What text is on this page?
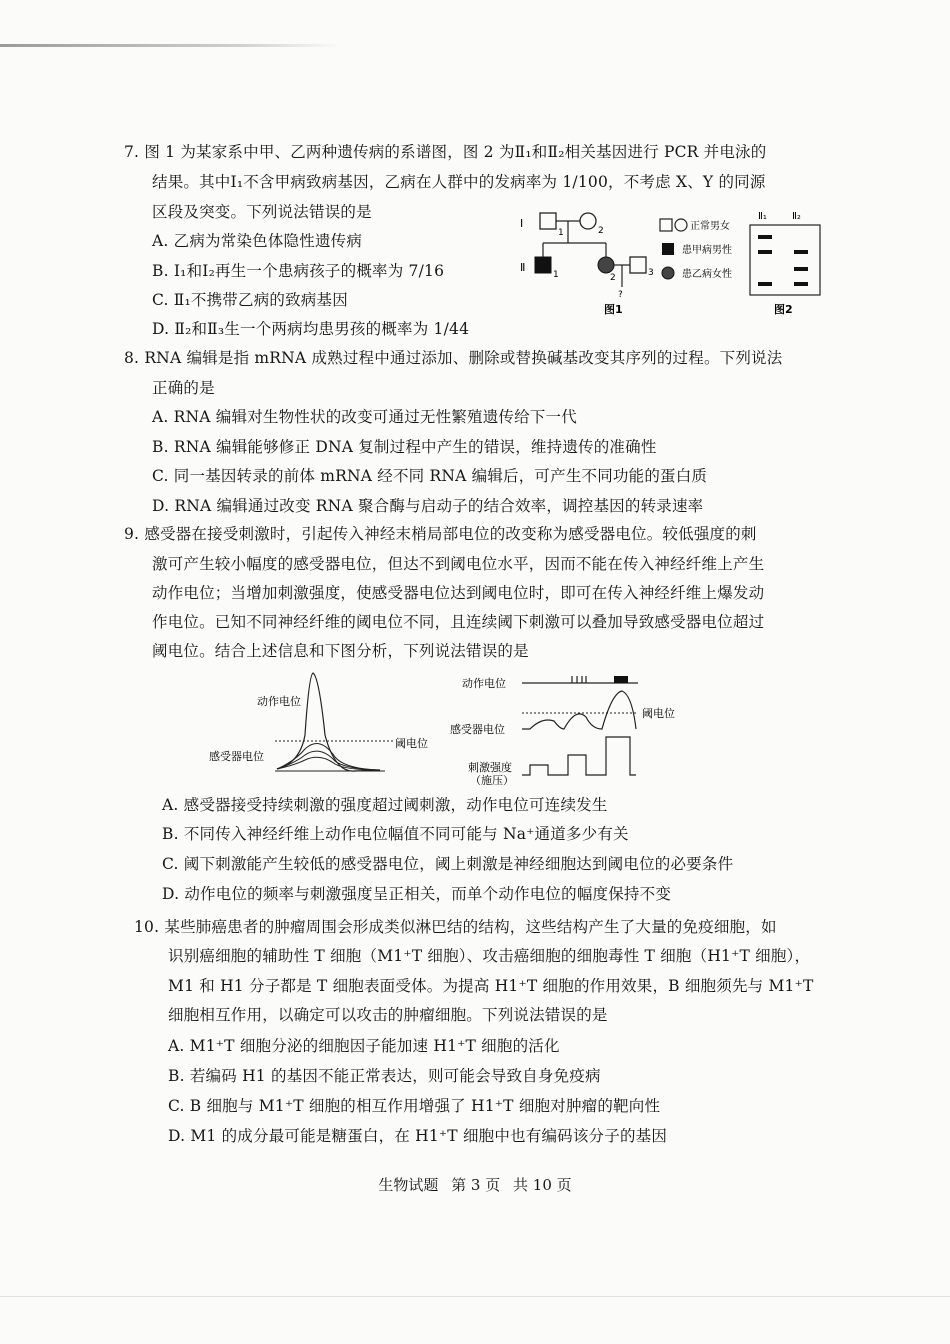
7. 图 1 为某家系中甲、乙两种遗传病的系谱图，图 2 为Ⅱ₁和Ⅱ₂相关基因进行 PCR 并电泳的
结果。其中Ⅰ₁不含甲病致病基因，乙病在人群中的发病率为 1/100，不考虑 X、Y 的同源
区段及突变。下列说法错误的是
A. 乙病为常染色体隐性遗传病
B. Ⅰ₁和Ⅰ₂再生一个患病孩子的概率为 7/16
C. Ⅱ₁不携带乙病的致病基因
D. Ⅱ₂和Ⅱ₃生一个两病均患男孩的概率为 1/44
I
1	2
Ⅱ
1	2	3
?
图1
正常男女
患甲病男性
患乙病女性
Ⅱ₁	Ⅱ₂
图2
8. RNA 编辑是指 mRNA 成熟过程中通过添加、删除或替换碱基改变其序列的过程。下列说法
正确的是
A. RNA 编辑对生物性状的改变可通过无性繁殖遗传给下一代
B. RNA 编辑能够修正 DNA 复制过程中产生的错误，维持遗传的准确性
C. 同一基因转录的前体 mRNA 经不同 RNA 编辑后，可产生不同功能的蛋白质
D. RNA 编辑通过改变 RNA 聚合酶与启动子的结合效率，调控基因的转录速率
9. 感受器在接受刺激时，引起传入神经末梢局部电位的改变称为感受器电位。较低强度的刺
激可产生较小幅度的感受器电位，但达不到阈电位水平，因而不能在传入神经纤维上产生
动作电位；当增加刺激强度，使感受器电位达到阈电位时，即可在传入神经纤维上爆发动
作电位。已知不同神经纤维的阈电位不同，且连续阈下刺激可以叠加导致感受器电位超过
阈电位。结合上述信息和下图分析，下列说法错误的是
动作电位
阈电位
感受器电位
动作电位
阈电位
感受器电位
刺激强度
（施压）
A. 感受器接受持续刺激的强度超过阈刺激，动作电位可连续发生
B. 不同传入神经纤维上动作电位幅值不同可能与 Na⁺通道多少有关
C. 阈下刺激能产生较低的感受器电位，阈上刺激是神经细胞达到阈电位的必要条件
D. 动作电位的频率与刺激强度呈正相关，而单个动作电位的幅度保持不变
10. 某些肺癌患者的肿瘤周围会形成类似淋巴结的结构，这些结构产生了大量的免疫细胞，如
识别癌细胞的辅助性 T 细胞（M1⁺T 细胞）、攻击癌细胞的细胞毒性 T 细胞（H1⁺T 细胞），
M1 和 H1 分子都是 T 细胞表面受体。为提高 H1⁺T 细胞的作用效果，B 细胞须先与 M1⁺T
细胞相互作用，以确定可以攻击的肿瘤细胞。下列说法错误的是
A. M1⁺T 细胞分泌的细胞因子能加速 H1⁺T 细胞的活化
B. 若编码 H1 的基因不能正常表达，则可能会导致自身免疫病
C. B 细胞与 M1⁺T 细胞的相互作用增强了 H1⁺T 细胞对肿瘤的靶向性
D. M1 的成分最可能是糖蛋白，在 H1⁺T 细胞中也有编码该分子的基因
生物试题 第 3 页 共 10 页
